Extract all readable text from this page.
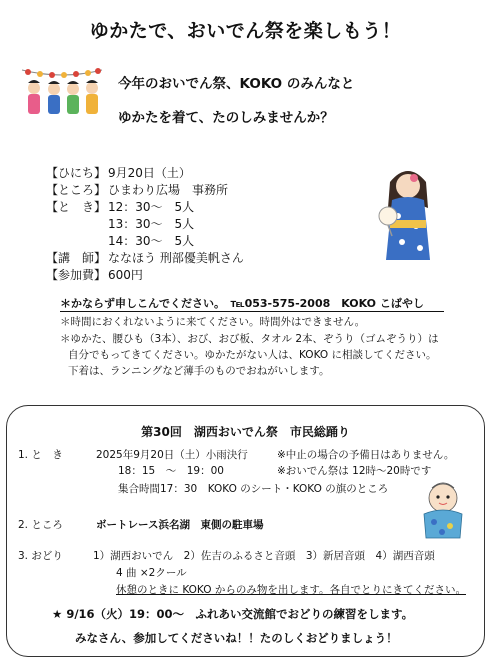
ゆかたで、おいでん祭を楽しもう！
今年のおいでん祭、KOKO のみんなと
ゆかたを着て、たのしみませんか？
【ひにち】 9月20日（土）
【ところ】 ひまわり広場　事務所
【と　き】 12：30～　5人
13：30～　5人
14：30～　5人
【講　師】 ななほう 刑部優美帆さん
【参加費】 600円
＊かならず申しこんでください。　℡053-575-2008　KOKO こばやし
＊時間におくれないように来てください。時間外はできません。
＊ゆかた、腰ひも（3本）、おび、おび板、タオル 2本、ぞうり（ゴムぞうり）は
自分でもってきてください。ゆかたがない人は、KOKO に相談してください。
下着は、ランニングなど薄手のものでおねがいします。
第30回　湖西おいでん祭　市民総踊り
1. と　き	2025年9月20日（土）小雨決行	※中止の場合の予備日はありません。
18：15　～　19：00	※おいでん祭は 12時～20時です
集合時間17：30　KOKO のシート・KOKO の旗のところ
2. ところ	ボートレース浜名湖　東側の駐車場
3. おどり	1）湖西おいでん　2）佐吉のふるさと音頭　3）新居音頭　4）湖西音頭
4 曲 ×2クール
休憩のときに KOKO からのみ物を出します。各自でとりにきてください。
★ 9/16（火）19：00～　ふれあい交流館でおどりの練習をします。
みなさん、参加してくださいね！！たのしくおどりましょう！
